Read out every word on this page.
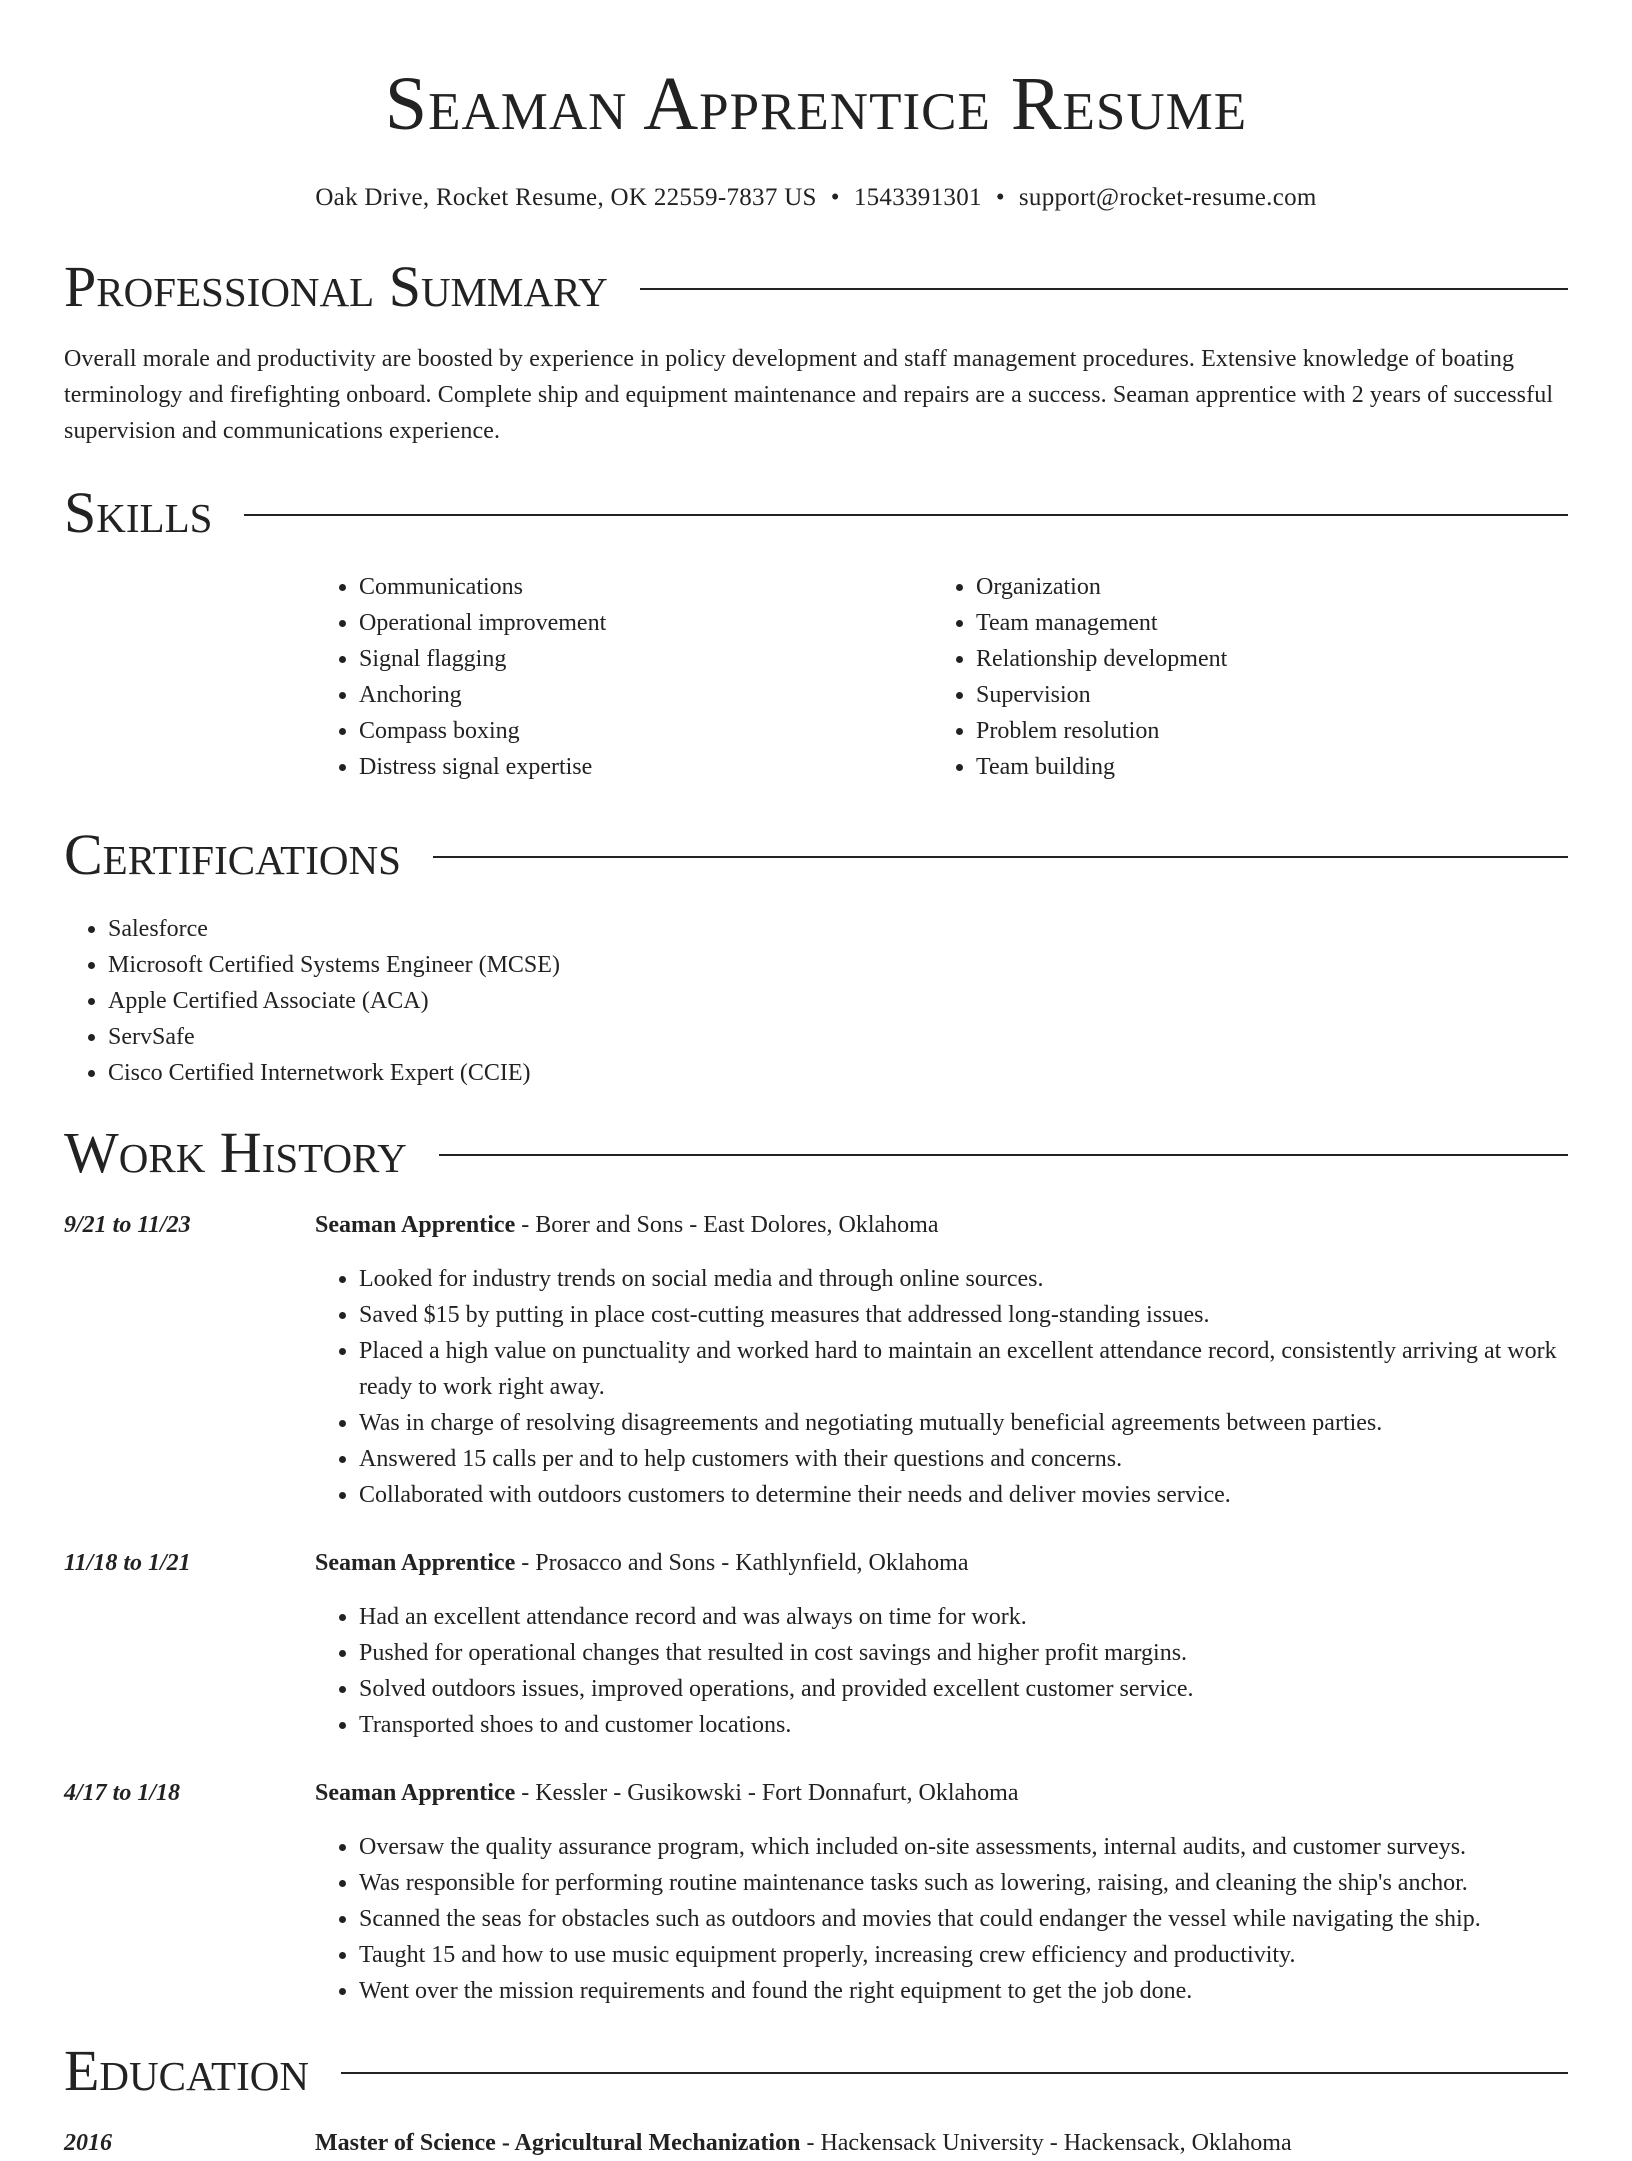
Seaman Apprentice Resume
Oak Drive, Rocket Resume, OK 22559-7837 US • 1543391301 • support@rocket-resume.com
Professional Summary

Overall morale and productivity are boosted by experience in policy development and staff management procedures. Extensive knowledge of boating terminology and firefighting onboard. Complete ship and equipment maintenance and repairs are a success. Seaman apprentice with 2 years of successful supervision and communications experience.

Skills
• Communications
• Operational improvement
• Signal flagging
• Anchoring
• Compass boxing
• Distress signal expertise
• Organization
• Team management
• Relationship development
• Supervision
• Problem resolution
• Team building
Certifications
• Salesforce
• Microsoft Certified Systems Engineer (MCSE)
• Apple Certified Associate (ACA)
• ServSafe
• Cisco Certified Internetwork Expert (CCIE)
Work History
9/21 to 11/23	Seaman Apprentice - Borer and Sons - East Dolores, Oklahoma
• Looked for industry trends on social media and through online sources.
• Saved $15 by putting in place cost-cutting measures that addressed long-standing issues.
• Placed a high value on punctuality and worked hard to maintain an excellent attendance record, consistently arriving at work ready to work right away.
• Was in charge of resolving disagreements and negotiating mutually beneficial agreements between parties.
• Answered 15 calls per and to help customers with their questions and concerns.
• Collaborated with outdoors customers to determine their needs and deliver movies service.
11/18 to 1/21	Seaman Apprentice - Prosacco and Sons - Kathlynfield, Oklahoma
• Had an excellent attendance record and was always on time for work.
• Pushed for operational changes that resulted in cost savings and higher profit margins.
• Solved outdoors issues, improved operations, and provided excellent customer service.
• Transported shoes to and customer locations.
4/17 to 1/18	Seaman Apprentice - Kessler - Gusikowski - Fort Donnafurt, Oklahoma
• Oversaw the quality assurance program, which included on-site assessments, internal audits, and customer surveys.
• Was responsible for performing routine maintenance tasks such as lowering, raising, and cleaning the ship's anchor.
• Scanned the seas for obstacles such as outdoors and movies that could endanger the vessel while navigating the ship.
• Taught 15 and how to use music equipment properly, increasing crew efficiency and productivity.
• Went over the mission requirements and found the right equipment to get the job done.
Education
2016	Master of Science - Agricultural Mechanization - Hackensack University - Hackensack, Oklahoma
